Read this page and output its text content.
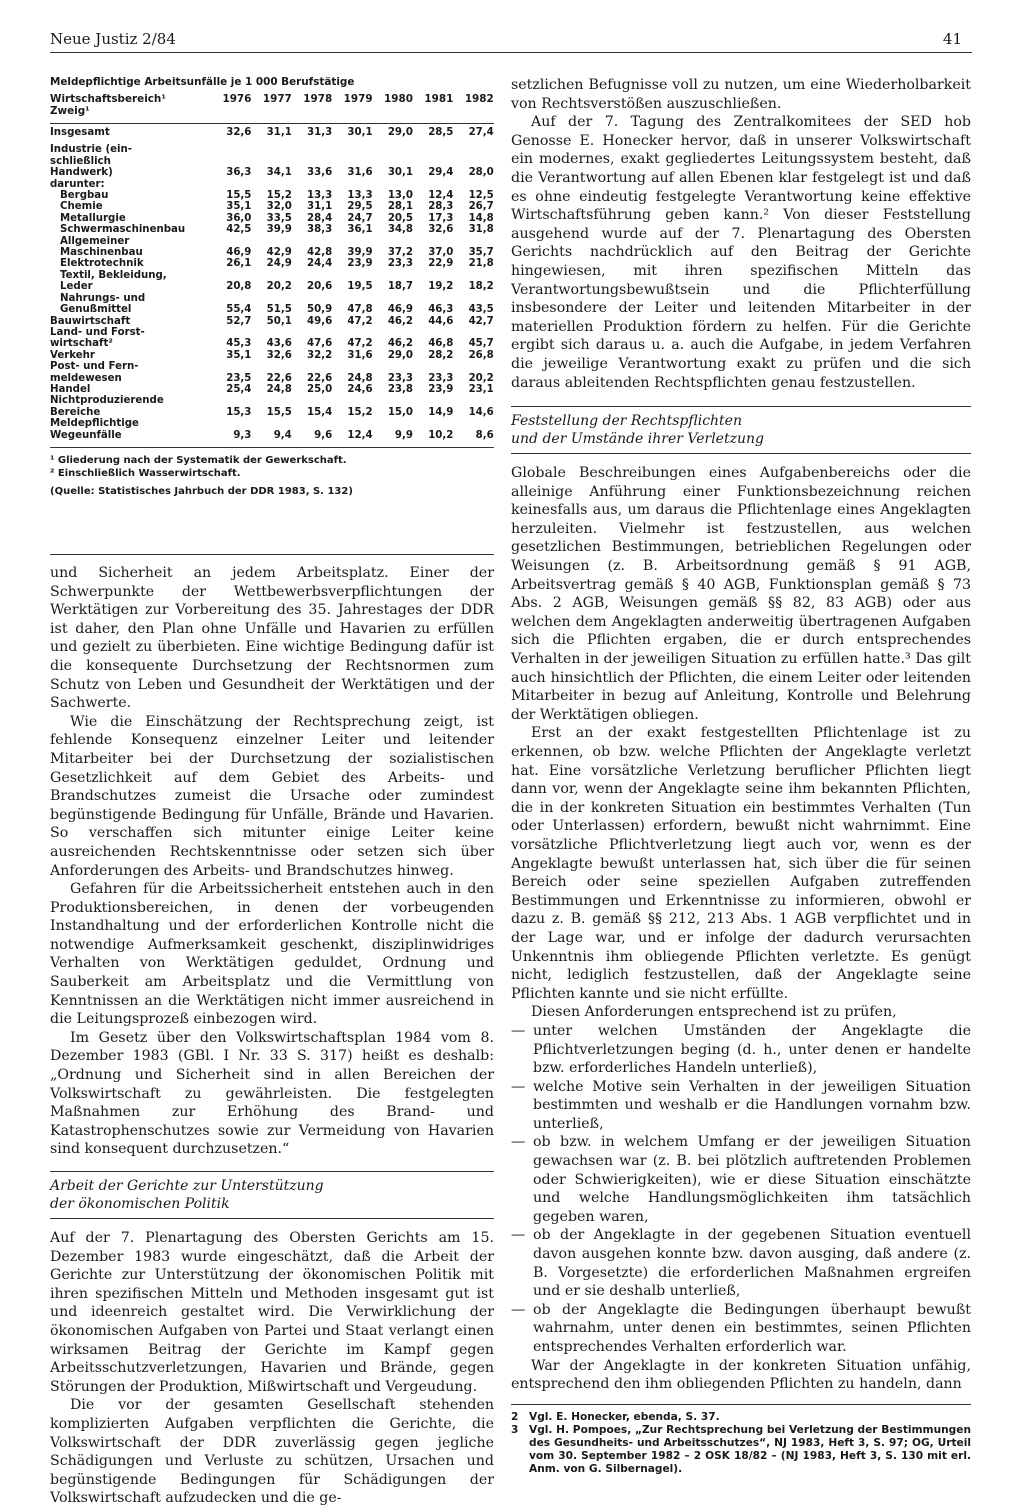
Neue Justiz 2/84	41
Meldepflichtige Arbeitsunfälle je 1 000 Berufstätige
Wirtschaftsbereich¹
Zweig¹
1976	1977	1978	1979	1980	1981	1982
Insgesamt	32,6	31,1	31,3	30,1	29,0	28,5	27,4
Industrie (ein-
schließlich
Handwerk)	36,3	34,1	33,6	31,6	30,1	29,4	28,0
darunter:
Bergbau	15,5	15,2	13,3	13,3	13,0	12,4	12,5
Chemie	35,1	32,0	31,1	29,5	28,1	28,3	26,7
Metallurgie	36,0	33,5	28,4	24,7	20,5	17,3	14,8
Schwermaschinenbau	42,5	39,9	38,3	36,1	34,8	32,6	31,8
Allgemeiner
Maschinenbau	46,9	42,9	42,8	39,9	37,2	37,0	35,7
Elektrotechnik	26,1	24,9	24,4	23,9	23,3	22,9	21,8
Textil, Bekleidung,
Leder	20,8	20,2	20,6	19,5	18,7	19,2	18,2
Nahrungs- und
Genußmittel	55,4	51,5	50,9	47,8	46,9	46,3	43,5
Bauwirtschaft	52,7	50,1	49,6	47,2	46,2	44,6	42,7
Land- und Forst-
wirtschaft²	45,3	43,6	47,6	47,2	46,2	46,8	45,7
Verkehr	35,1	32,6	32,2	31,6	29,0	28,2	26,8
Post- und Fern-
meldewesen	23,5	22,6	22,6	24,8	23,3	23,3	20,2
Handel	25,4	24,8	25,0	24,6	23,8	23,9	23,1
Nichtproduzierende
Bereiche	15,3	15,5	15,4	15,2	15,0	14,9	14,6
Meldepflichtige
Wegeunfälle	9,3	9,4	9,6	12,4	9,9	10,2	8,6
¹ Gliederung nach der Systematik der Gewerkschaft.
² Einschließlich Wasserwirtschaft.
(Quelle: Statistisches Jahrbuch der DDR 1983, S. 132)

und Sicherheit an jedem Arbeitsplatz. Einer der Schwerpunkte der Wettbewerbsverpflichtungen der Werktätigen zur Vorbereitung des 35. Jahrestages der DDR ist daher, den Plan ohne Unfälle und Havarien zu erfüllen und gezielt zu überbieten. Eine wichtige Bedingung dafür ist die konsequente Durchsetzung der Rechtsnormen zum Schutz von Leben und Gesundheit der Werktätigen und der Sachwerte.

Wie die Einschätzung der Rechtsprechung zeigt, ist fehlende Konsequenz einzelner Leiter und leitender Mitarbeiter bei der Durchsetzung der sozialistischen Gesetzlichkeit auf dem Gebiet des Arbeits- und Brandschutzes zumeist die Ursache oder zumindest begünstigende Bedingung für Unfälle, Brände und Havarien. So verschaffen sich mitunter einige Leiter keine ausreichenden Rechtskenntnisse oder setzen sich über Anforderungen des Arbeits- und Brandschutzes hinweg.

Gefahren für die Arbeitssicherheit entstehen auch in den Produktionsbereichen, in denen der vorbeugenden Instandhaltung und der erforderlichen Kontrolle nicht die notwendige Aufmerksamkeit geschenkt, disziplinwidriges Verhalten von Werktätigen geduldet, Ordnung und Sauberkeit am Arbeitsplatz und die Vermittlung von Kenntnissen an die Werktätigen nicht immer ausreichend in die Leitungsprozeß einbezogen wird.

Im Gesetz über den Volkswirtschaftsplan 1984 vom 8. Dezember 1983 (GBl. I Nr. 33 S. 317) heißt es deshalb: „Ordnung und Sicherheit sind in allen Bereichen der Volkswirtschaft zu gewährleisten. Die festgelegten Maßnahmen zur Erhöhung des Brand- und Katastrophenschutzes sowie zur Vermeidung von Havarien sind konsequent durchzusetzen.“

Arbeit der Gerichte zur Unterstützung

der ökonomischen Politik

Auf der 7. Plenartagung des Obersten Gerichts am 15. Dezember 1983 wurde eingeschätzt, daß die Arbeit der Gerichte zur Unterstützung der ökonomischen Politik mit ihren spezifischen Mitteln und Methoden insgesamt gut ist und ideenreich gestaltet wird. Die Verwirklichung der ökonomischen Aufgaben von Partei und Staat verlangt einen wirksamen Beitrag der Gerichte im Kampf gegen Arbeitsschutzverletzungen, Havarien und Brände, gegen Störungen der Produktion, Mißwirtschaft und Vergeudung.

Die vor der gesamten Gesellschaft stehenden komplizierten Aufgaben verpflichten die Gerichte, die Volkswirtschaft der DDR zuverlässig gegen jegliche Schädigungen und Verluste zu schützen, Ursachen und begünstigende Bedingungen für Schädigungen der Volkswirtschaft aufzudecken und die ge-

setzlichen Befugnisse voll zu nutzen, um eine Wiederholbarkeit von Rechtsverstößen auszuschließen.

Auf der 7. Tagung des Zentralkomitees der SED hob Genosse E. Honecker hervor, daß in unserer Volkswirtschaft ein modernes, exakt gegliedertes Leitungssystem besteht, daß die Verantwortung auf allen Ebenen klar festgelegt ist und daß es ohne eindeutig festgelegte Verantwortung keine effektive Wirtschaftsführung geben kann.² Von dieser Feststellung ausgehend wurde auf der 7. Plenartagung des Obersten Gerichts nachdrücklich auf den Beitrag der Gerichte hingewiesen, mit ihren spezifischen Mitteln das Verantwortungsbewußtsein und die Pflichterfüllung insbesondere der Leiter und leitenden Mitarbeiter in der materiellen Produktion fördern zu helfen. Für die Gerichte ergibt sich daraus u. a. auch die Aufgabe, in jedem Verfahren die jeweilige Verantwortung exakt zu prüfen und die sich daraus ableitenden Rechtspflichten genau festzustellen.

Feststellung der Rechtspflichten

und der Umstände ihrer Verletzung

Globale Beschreibungen eines Aufgabenbereichs oder die alleinige Anführung einer Funktionsbezeichnung reichen keinesfalls aus, um daraus die Pflichtenlage eines Angeklagten herzuleiten. Vielmehr ist festzustellen, aus welchen gesetzlichen Bestimmungen, betrieblichen Regelungen oder Weisungen (z. B. Arbeitsordnung gemäß § 91 AGB, Arbeitsvertrag gemäß § 40 AGB, Funktionsplan gemäß § 73 Abs. 2 AGB, Weisungen gemäß §§ 82, 83 AGB) oder aus welchen dem Angeklagten anderweitig übertragenen Aufgaben sich die Pflichten ergaben, die er durch entsprechendes Verhalten in der jeweiligen Situation zu erfüllen hatte.³ Das gilt auch hinsichtlich der Pflichten, die einem Leiter oder leitenden Mitarbeiter in bezug auf Anleitung, Kontrolle und Belehrung der Werktätigen obliegen.

Erst an der exakt festgestellten Pflichtenlage ist zu erkennen, ob bzw. welche Pflichten der Angeklagte verletzt hat. Eine vorsätzliche Verletzung beruflicher Pflichten liegt dann vor, wenn der Angeklagte seine ihm bekannten Pflichten, die in der konkreten Situation ein bestimmtes Verhalten (Tun oder Unterlassen) erfordern, bewußt nicht wahrnimmt. Eine vorsätzliche Pflichtverletzung liegt auch vor, wenn es der Angeklagte bewußt unterlassen hat, sich über die für seinen Bereich oder seine speziellen Aufgaben zutreffenden Bestimmungen und Erkenntnisse zu informieren, obwohl er dazu z. B. gemäß §§ 212, 213 Abs. 1 AGB verpflichtet und in der Lage war, und er infolge der dadurch verursachten Unkenntnis ihm obliegende Pflichten verletzte. Es genügt nicht, lediglich festzustellen, daß der Angeklagte seine Pflichten kannte und sie nicht erfüllte.

Diesen Anforderungen entsprechend ist zu prüfen,

— unter welchen Umständen der Angeklagte die Pflichtverletzungen beging (d. h., unter denen er handelte bzw. erforderliches Handeln unterließ),
— welche Motive sein Verhalten in der jeweiligen Situation bestimmten und weshalb er die Handlungen vornahm bzw. unterließ,
— ob bzw. in welchem Umfang er der jeweiligen Situation gewachsen war (z. B. bei plötzlich auftretenden Problemen oder Schwierigkeiten), wie er diese Situation einschätzte und welche Handlungsmöglichkeiten ihm tatsächlich gegeben waren,
— ob der Angeklagte in der gegebenen Situation eventuell davon ausgehen konnte bzw. davon ausging, daß andere (z. B. Vorgesetzte) die erforderlichen Maßnahmen ergreifen und er sie deshalb unterließ,
— ob der Angeklagte die Bedingungen überhaupt bewußt wahrnahm, unter denen ein bestimmtes, seinen Pflichten entsprechendes Verhalten erforderlich war.

War der Angeklagte in der konkreten Situation unfähig, entsprechend den ihm obliegenden Pflichten zu handeln, dann

2	Vgl. E. Honecker, ebenda, S. 37.
3	Vgl. H. Pompoes, „Zur Rechtsprechung bei Verletzung der Bestimmungen des Gesundheits- und Arbeitsschutzes“, NJ 1983, Heft 3, S. 97; OG, Urteil vom 30. September 1982 – 2 OSK 18/82 – (NJ 1983, Heft 3, S. 130 mit erl. Anm. von G. Silbernagel).
